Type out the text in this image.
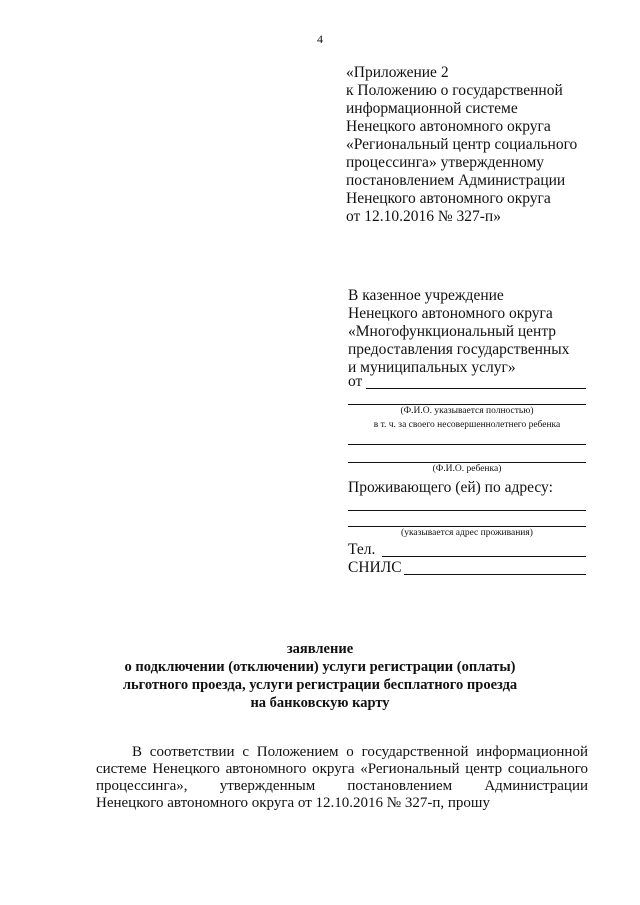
4
«Приложение 2
к Положению о государственной
информационной системе
Ненецкого автономного округа
«Региональный центр социального
процессинга» утвержденному
постановлением Администрации
Ненецкого автономного округа
от 12.10.2016 № 327-п»
В казенное учреждение
Ненецкого автономного округа
«Многофункциональный центр
предоставления государственных
и муниципальных услуг»
от
(Ф.И.О. указывается полностью)
в т. ч. за своего несовершеннолетнего ребенка
(Ф.И.О. ребенка)
Проживающего (ей) по адресу:
(указывается адрес проживания)
Тел.
СНИЛС
заявление
о подключении (отключении) услуги регистрации (оплаты)
льготного проезда, услуги регистрации бесплатного проезда
на банковскую карту
В соответствии с Положением о государственной информационной
системе Ненецкого автономного округа «Региональный центр социального
процессинга», утвержденным постановлением Администрации
Ненецкого автономного округа от 12.10.2016 № 327-п, прошу
